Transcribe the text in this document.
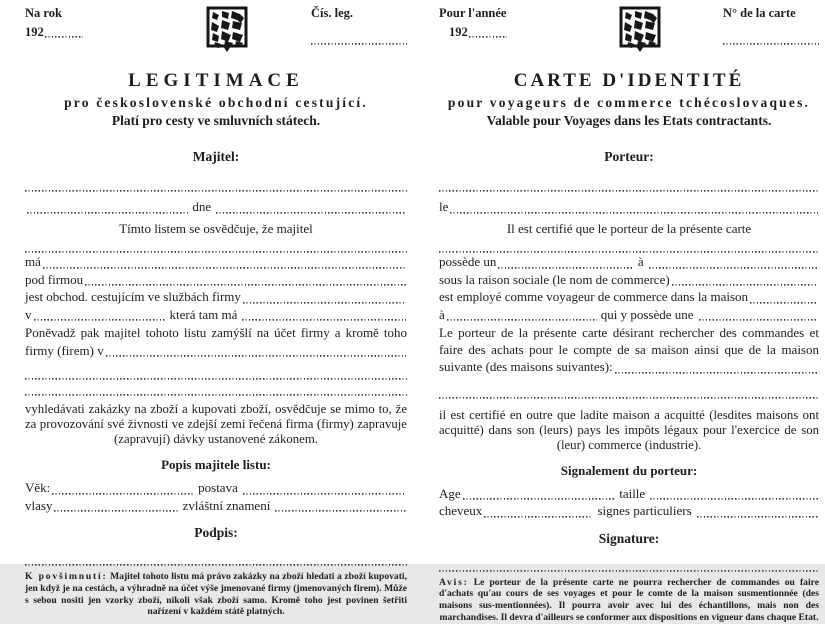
Na rok
192
Čís. leg.
LEGITIMACE
pro československé obchodní cestující.
Platí pro cesty ve smluvních státech.
Majitel:
dne
Tímto listem se osvědčuje, že majitel
má
pod firmou
jest obchod. cestujícím ve službách firmy
v	která tam má
Poněvadž pak majitel tohoto listu zamýšlí na účet firmy a kromě toho
firmy (firem) v
vyhledávati zakázky na zboží a kupovati zboží, osvědčuje se mimo to, že
za provozování své živnosti ve zdejší zemi řečená firma (firmy) zapravuje
(zapravují) dávky ustanovené zákonem.
Popis majitele listu:
Věk:	postava
vlasy	zvláštní znamení
Podpis:

K povšimnutí: Majitel tohoto listu má právo zakázky na zboží hledati a zboží kupovati, jen když je na cestách, a výhradně na účet výše jmenované firmy (jmenovaných firem). Může s sebou nositi jen vzorky zboží, nikoli však zboží samo. Kromě toho jest povinen šetřiti nařízení v každém státě platných.

Pour l'année
192
N° de la carte
CARTE D'IDENTITÉ
pour voyageurs de commerce tchécoslovaques.
Valable pour Voyages dans les Etats contractants.
Porteur:
le
Il est certifié que le porteur de la présente carte
possède un	à
sous la raison sociale (le nom de commerce)
est employé comme voyageur de commerce dans la maison
à	qui y possède une
Le porteur de la présente carte désirant rechercher des commandes et
faire des achats pour le compte de sa maison ainsi que de la maison
suivante (des maisons suivantes):
il est certifié en outre que ladite maison a acquitté (lesdites maisons ont
acquitté) dans son (leurs) pays les impôts légaux pour l'exercice de son
(leur) commerce (industrie).
Signalement du porteur:
Age	taille
cheveux	signes particuliers
Signature:

Avis: Le porteur de la présente carte ne pourra rechercher de commandes ou faire d'achats qu'au cours de ses voyages et pour le comte de la maison susmentionnée (des maisons sus-mentionnées). Il pourra avoir avec lui des échantillons, mais non des marchandises. Il devra d'ailleurs se conformer aux dispositions en vigueur dans chaque Etat.
